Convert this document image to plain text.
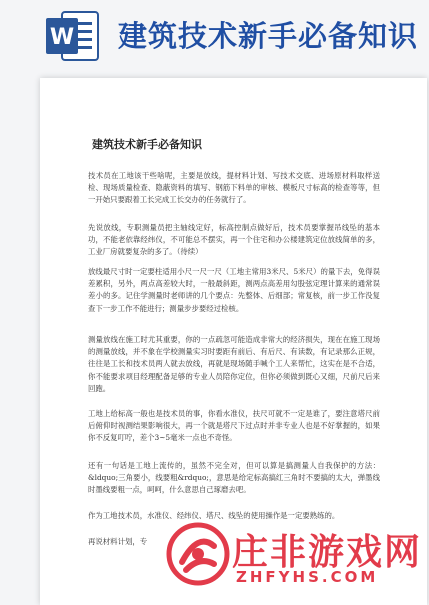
W 建筑技术新手必备知识
建筑技术新手必备知识

技术员在工地该干些啥呢，主要是放线，提材料计划、写技术交底、进场原材料取样送检、现场质量检查、隐蔽资料的填写、钢筋下料单的审核、模板尺寸标高的检查等等，但一开始只要跟着工长完成工长交办的任务就行了。

先说放线，专职测量员把主轴线定好，标高控制点做好后，技术员要掌握吊线坠的基本功，不能老依靠经纬仪，不可能总不摆实，再一个住宅和办公楼建筑定位放线简单的多，工业厂房就要复杂的多了。（待续）

放线最尺寸时一定要柱适用小尺一尺一尺（工地主常用3米尺、5米尺）的量下去，免得误差累积，另外，两点高差较大时，一般最斜距，测两点高差用勾股弦定理计算来的通常误差小的多。记住学测量时老师讲的几个要点：先整体、后细部；常复核，前一步工作没复查下一步工作不能进行；测量步步要经过检核。

测量放线在施工时尤其重要，你的一点疏忽可能造成非常大的经济损失，现在在施工现场的测量放线，并不象在学校测量实习时要距有前后、有后尺、有读数，有记录那么正规，往往是工长和技术员两人就去放线，再就是现场随手喊个工人来帮忙，这实在是不合适，你不能要求项目经理配备足够的专业人员陪你定位，但你必须做到既心又细，尺前尺后来回跑。

工地上给标高一般也是技术员的事，你看水准仪，扶尺可就不一定是谁了，要注意塔尺前后俯仰时视测结果影响很大，再一个就是塔尺下过点时并非专业人也是不好掌握的，如果你不反复叮咛，差个3~5毫米一点也不奇怪。

还有一句话是工地上流传的，虽然不完全对，但可以算是搞测量人自我保护的方法：&ldquo;三角要小，线要粗&rdquo;，意思是给定标高搞红三角时不要搞的太大，弹墨线时墨线要粗一点，呵呵，什么意思自己琢磨去吧。

作为工地技术员，水准仪、经纬仪、塔尺、线坠的使用操作是一定要熟练的。

再说材料计划，专	庄非游戏网
ZHFYHS.COM
